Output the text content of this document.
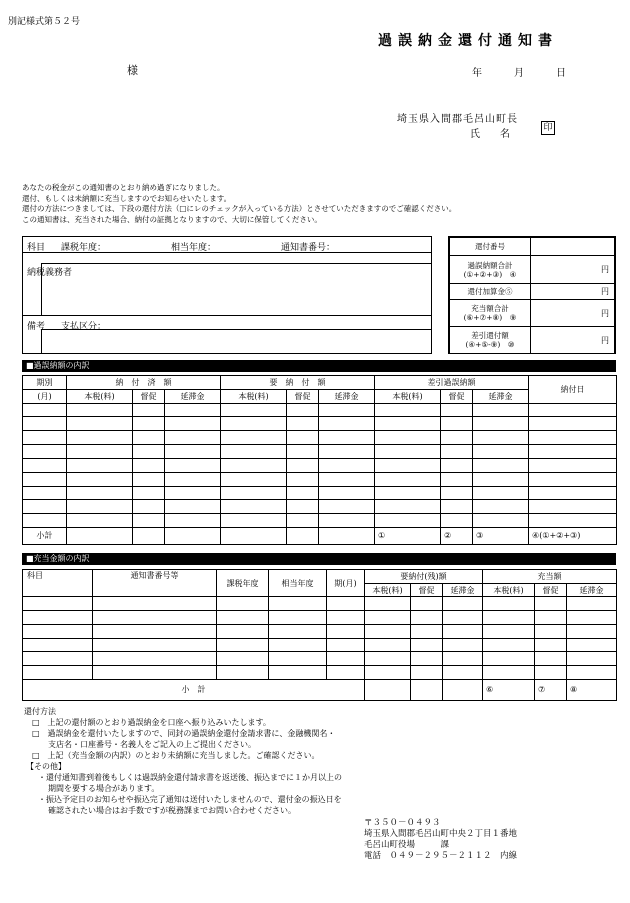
別記様式第５２号
過誤納金還付通知書
様	年	月	日
埼玉県入間郡毛呂山町長
氏　　名
印
あなたの税金がこの通知書のとおり納め過ぎになりました。
還付、もしくは未納額に充当しますのでお知らせいたします。
還付の方法につきましては、下段の還付方法（□にレのチェックが入っている方法）とさせていただきますのでご確認ください。
この通知書は、充当された場合、納付の証拠となりますので、大切に保管してください。
科目 課税年度：	相当年度：	通知書番号：
納税義務者
備考 支払区分：
還付番号	

過誤納額合計
(①+②+③)　④	円
還付加算金⑤	円

充当額合計
(⑥+⑦+⑧)　⑨	円

差引還付額
(④+⑤-⑨)　⑩	円
■過誤納額の内訳
期別	納　付　済　額			要　納　付　額			差引過誤納額			納付日
(月)	本税(料)	督促	延滞金	本税(料)	督促	延滞金	本税(料)	督促	延滞金	

小計							①	②	③	④(①+②+③)
■充当金額の内訳
科目	通知書番号等	課税年度	相当年度	期(月)	要納付(残)額			充当額		
					本税(料)	督促	延滞金	本税(料)	督促	延滞金

小　計								⑥	⑦	⑧
還付方法
□　上記の還付額のとおり過誤納金を口座へ振り込みいたします。
□　過誤納金を還付いたしますので、同封の過誤納金還付金請求書に、金融機関名・
支店名・口座番号・名義人をご記入の上ご提出ください。
□　上記（充当金額の内訳）のとおり未納額に充当しました。ご確認ください。
【その他】
・還付通知書到着後もしくは過誤納金還付請求書を返送後、振込までに１か月以上の
期間を要する場合があります。
・振込予定日のお知らせや振込完了通知は送付いたしませんので、還付金の振込日を
確認されたい場合はお手数ですが税務課までお問い合わせください。
〒３５０－０４９３
埼玉県入間郡毛呂山町中央２丁目１番地
毛呂山町役場　　　課
電話　０４９－２９５－２１１２　内線
